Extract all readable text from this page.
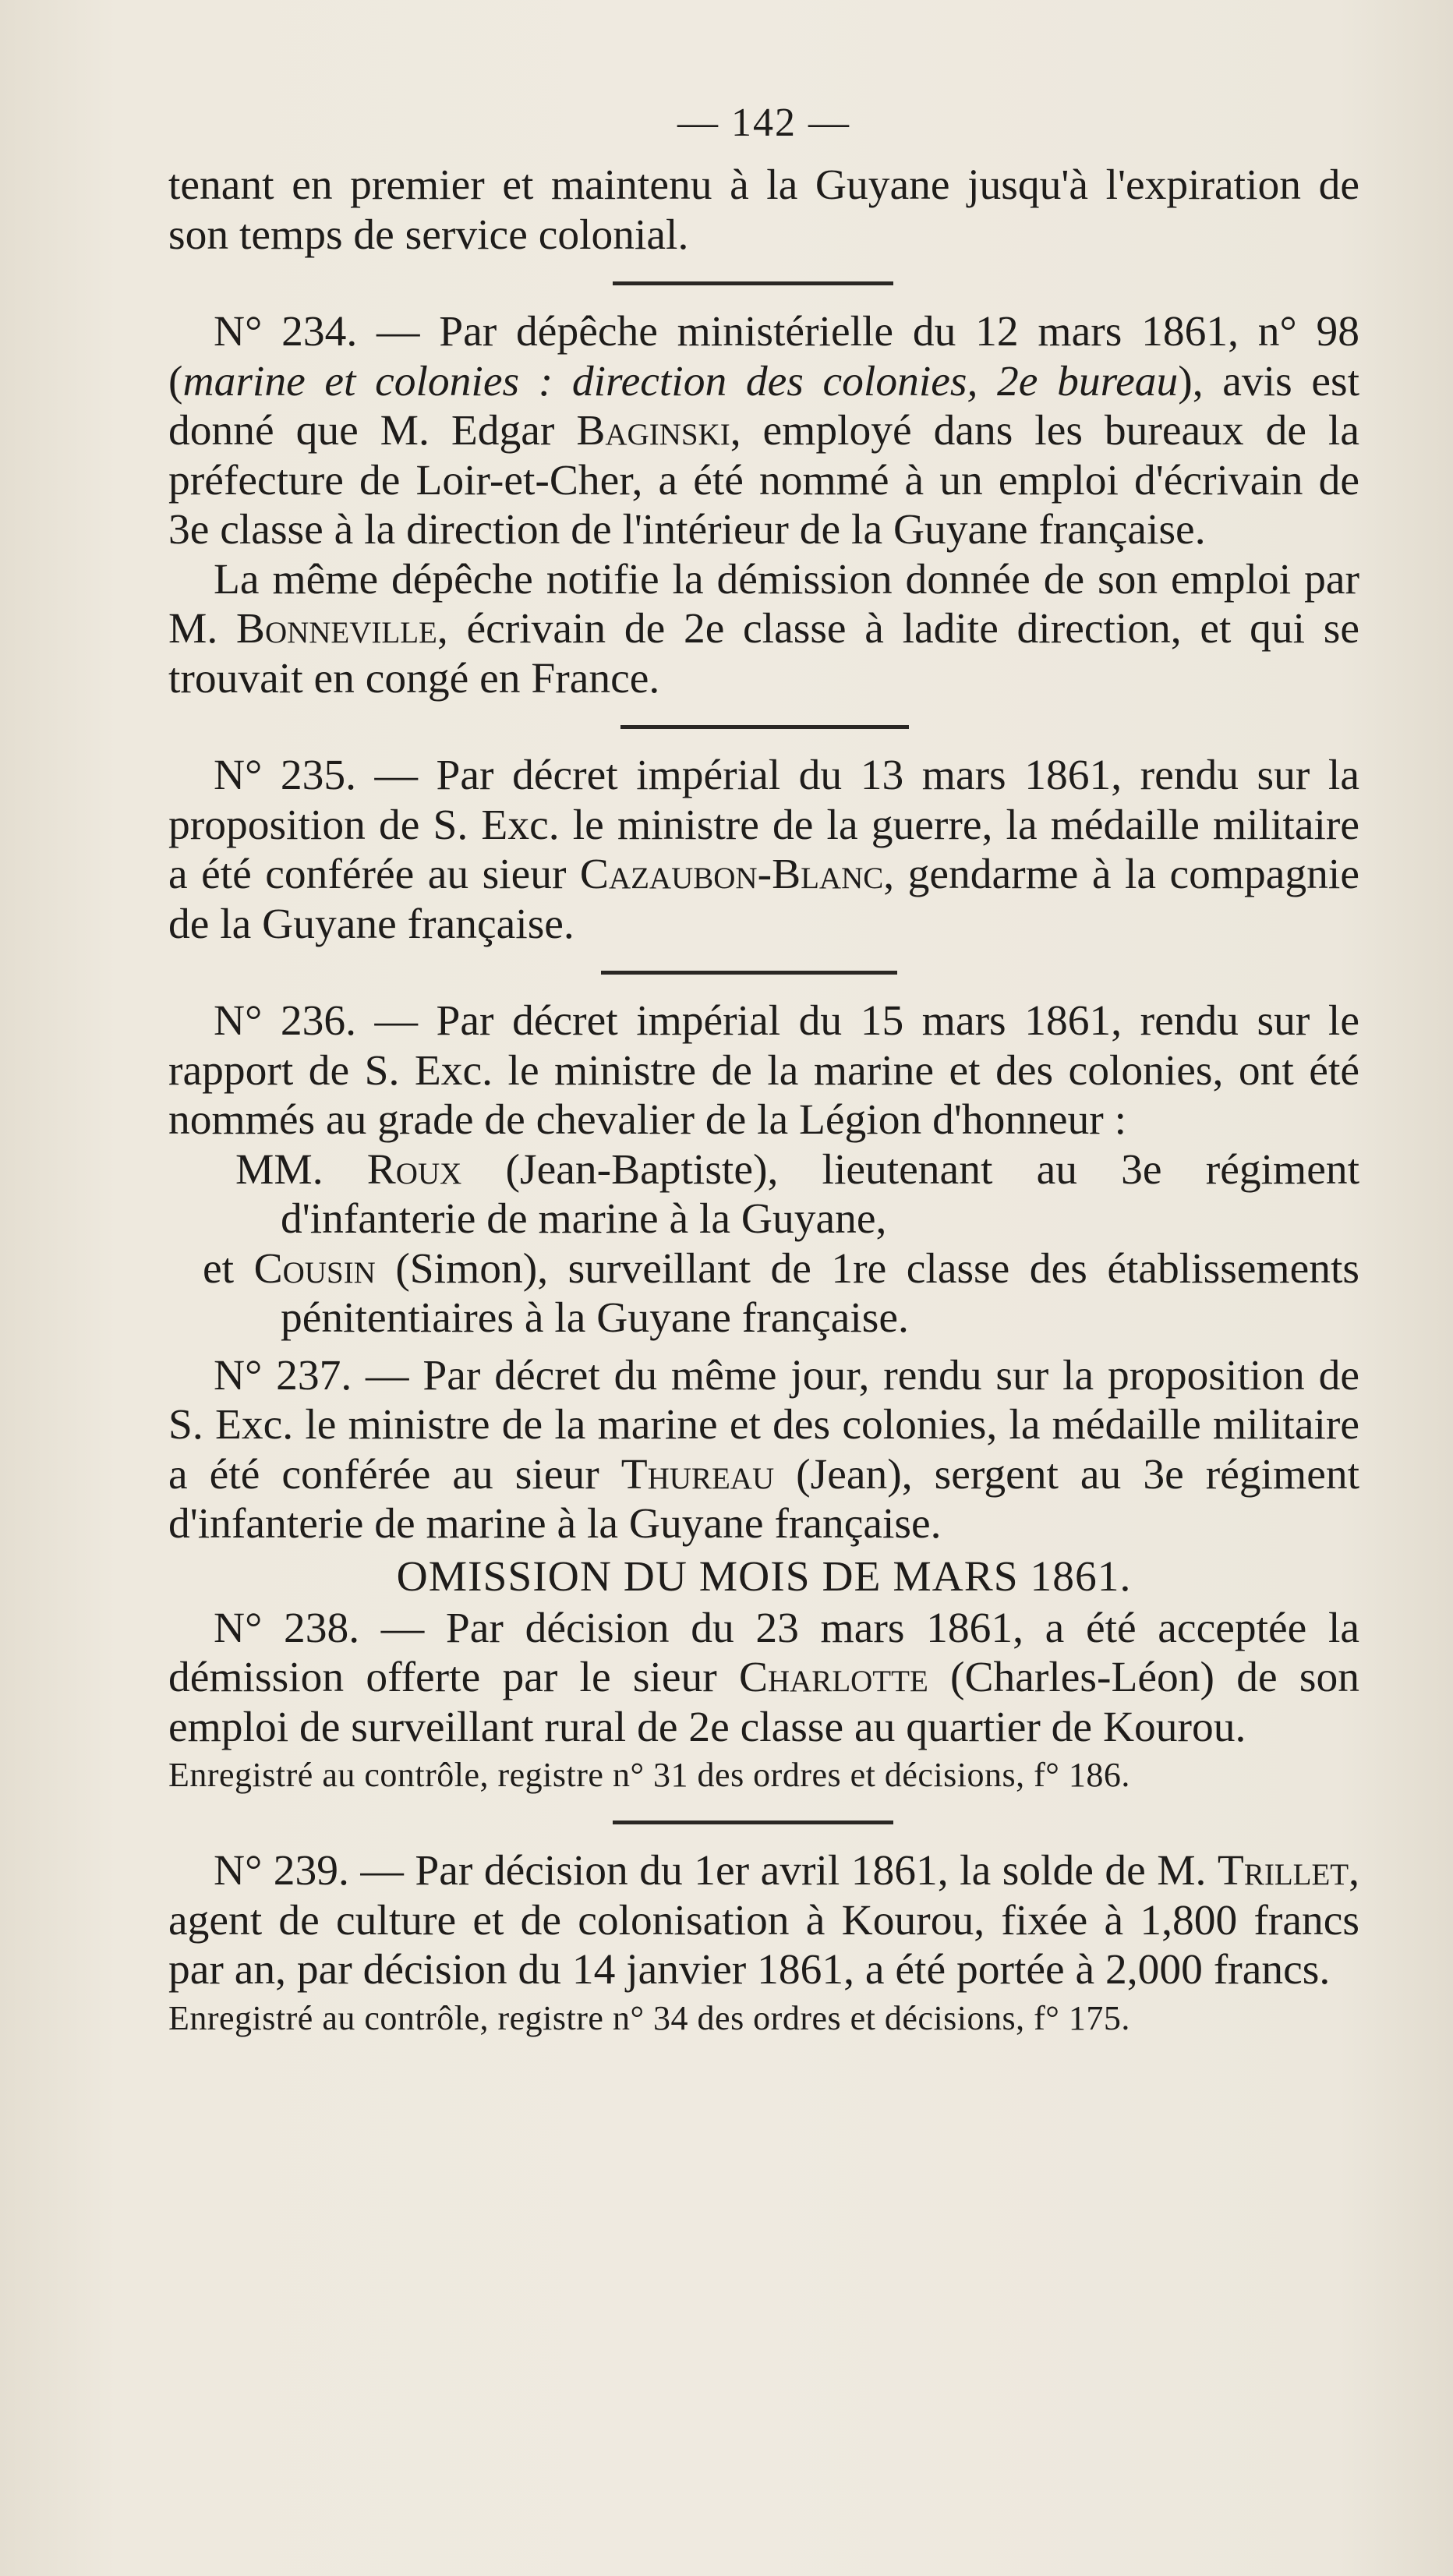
— 142 —

tenant en premier et maintenu à la Guyane jusqu'à l'expiration de son temps de service colonial.

N° 234. — Par dépêche ministérielle du 12 mars 1861, n° 98 (marine et colonies : direction des colonies, 2e bureau), avis est donné que M. Edgar Baginski, employé dans les bureaux de la préfecture de Loir-et-Cher, a été nommé à un emploi d'écrivain de 3e classe à la direction de l'intérieur de la Guyane française.

La même dépêche notifie la démission donnée de son emploi par M. Bonneville, écrivain de 2e classe à ladite direction, et qui se trouvait en congé en France.

N° 235. — Par décret impérial du 13 mars 1861, rendu sur la proposition de S. Exc. le ministre de la guerre, la médaille militaire a été conférée au sieur Cazaubon-Blanc, gendarme à la compagnie de la Guyane française.

N° 236. — Par décret impérial du 15 mars 1861, rendu sur le rapport de S. Exc. le ministre de la marine et des colonies, ont été nommés au grade de chevalier de la Légion d'honneur :

MM. Roux (Jean-Baptiste), lieutenant au 3e régiment d'infanterie de marine à la Guyane,

et Cousin (Simon), surveillant de 1re classe des établissements pénitentiaires à la Guyane française.

N° 237. — Par décret du même jour, rendu sur la proposition de S. Exc. le ministre de la marine et des colonies, la médaille militaire a été conférée au sieur Thureau (Jean), sergent au 3e régiment d'infanterie de marine à la Guyane française.

OMISSION DU MOIS DE MARS 1861.

N° 238. — Par décision du 23 mars 1861, a été acceptée la démission offerte par le sieur Charlotte (Charles-Léon) de son emploi de surveillant rural de 2e classe au quartier de Kourou.

Enregistré au contrôle, registre n° 31 des ordres et décisions, f° 186.

N° 239. — Par décision du 1er avril 1861, la solde de M. Trillet, agent de culture et de colonisation à Kourou, fixée à 1,800 francs par an, par décision du 14 janvier 1861, a été portée à 2,000 francs.

Enregistré au contrôle, registre n° 34 des ordres et décisions, f° 175.
